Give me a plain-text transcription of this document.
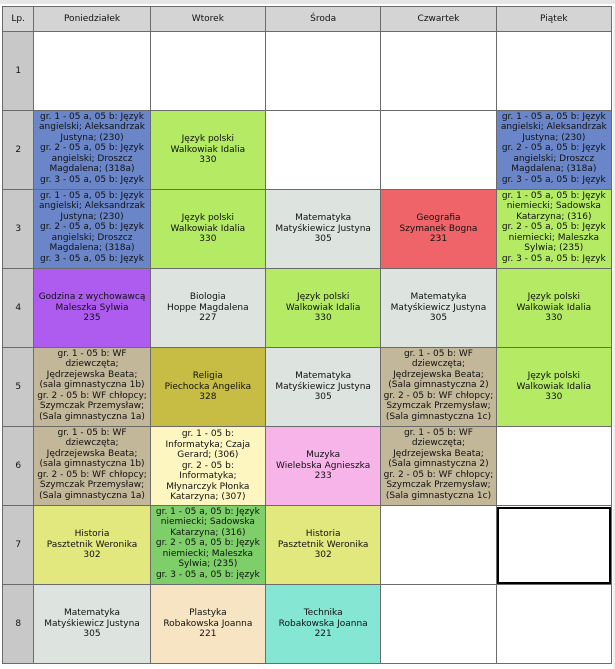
Lp.	Poniedziałek	Wtorek	Środa	Czwartek	Piątek
1	

2	gr. 1 - 05 a, 05 b: Język angielski; Aleksandrzak Justyna; (230)
gr. 2 - 05 a, 05 b: Język angielski; Droszcz Magdalena; (318a)
gr. 3 - 05 a, 05 b: Język	Język polski
Walkowiak Idalia
330			gr. 1 - 05 a, 05 b: Język angielski; Aleksandrzak Justyna; (230)
gr. 2 - 05 a, 05 b: Język angielski; Droszcz Magdalena; (318a)
gr. 3 - 05 a, 05 b: Język

3	gr. 1 - 05 a, 05 b: Język angielski; Aleksandrzak Justyna; (230)
gr. 2 - 05 a, 05 b: Język angielski; Droszcz Magdalena; (318a)
gr. 3 - 05 a, 05 b: Język	Język polski
Walkowiak Idalia
330	Matematyka
Matyśkiewicz Justyna
305	Geografia
Szymanek Bogna
231	gr. 1 - 05 a, 05 b: Język niemiecki; Sadowska Katarzyna; (316)
gr. 2 - 05 a, 05 b: Język niemiecki; Maleszka Sylwia; (235)
gr. 3 - 05 a, 05 b: Język

4	Godzina z wychowawcą
Maleszka Sylwia
235	Biologia
Hoppe Magdalena
227	Język polski
Walkowiak Idalia
330	Matematyka
Matyśkiewicz Justyna
305	Język polski
Walkowiak Idalia
330

5	gr. 1 - 05 b: WF dziewczęta; Jędrzejewska Beata; (sala gimnastyczna 1b)
gr. 2 - 05 b: WF chłopcy; Szymczak Przemysław; (Sala gimnastyczna 1a)	Religia
Piechocka Angelika
328	Matematyka
Matyśkiewicz Justyna
305	gr. 1 - 05 b: WF dziewczęta; Jędrzejewska Beata; (Sala gimnastyczna 2)
gr. 2 - 05 b: WF chłopcy; Szymczak Przemysław; (Sala gimnastyczna 1c)	Język polski
Walkowiak Idalia
330

6	gr. 1 - 05 b: WF dziewczęta; Jędrzejewska Beata; (sala gimnastyczna 1b)
gr. 2 - 05 b: WF chłopcy; Szymczak Przemysław; (Sala gimnastyczna 1a)	gr. 1 - 05 b: Informatyka; Czaja Gerard; (306)
gr. 2 - 05 b: Informatyka; Młynarczyk Płonka Katarzyna; (307)	Muzyka
Wielebska Agnieszka
233	gr. 1 - 05 b: WF dziewczęta; Jędrzejewska Beata; (Sala gimnastyczna 2)
gr. 2 - 05 b: WF chłopcy; Szymczak Przemysław; (Sala gimnastyczna 1c)	

7	Historia
Pasztetnik Weronika
302	gr. 1 - 05 a, 05 b: Język niemiecki; Sadowska Katarzyna; (316)
gr. 2 - 05 a, 05 b: Język niemiecki; Maleszka Sylwia; (235)
gr. 3 - 05 a, 05 b: język	Historia
Pasztetnik Weronika
302		

8	Matematyka
Matyśkiewicz Justyna
305	Plastyka
Robakowska Joanna
221	Technika
Robakowska Joanna
221		
